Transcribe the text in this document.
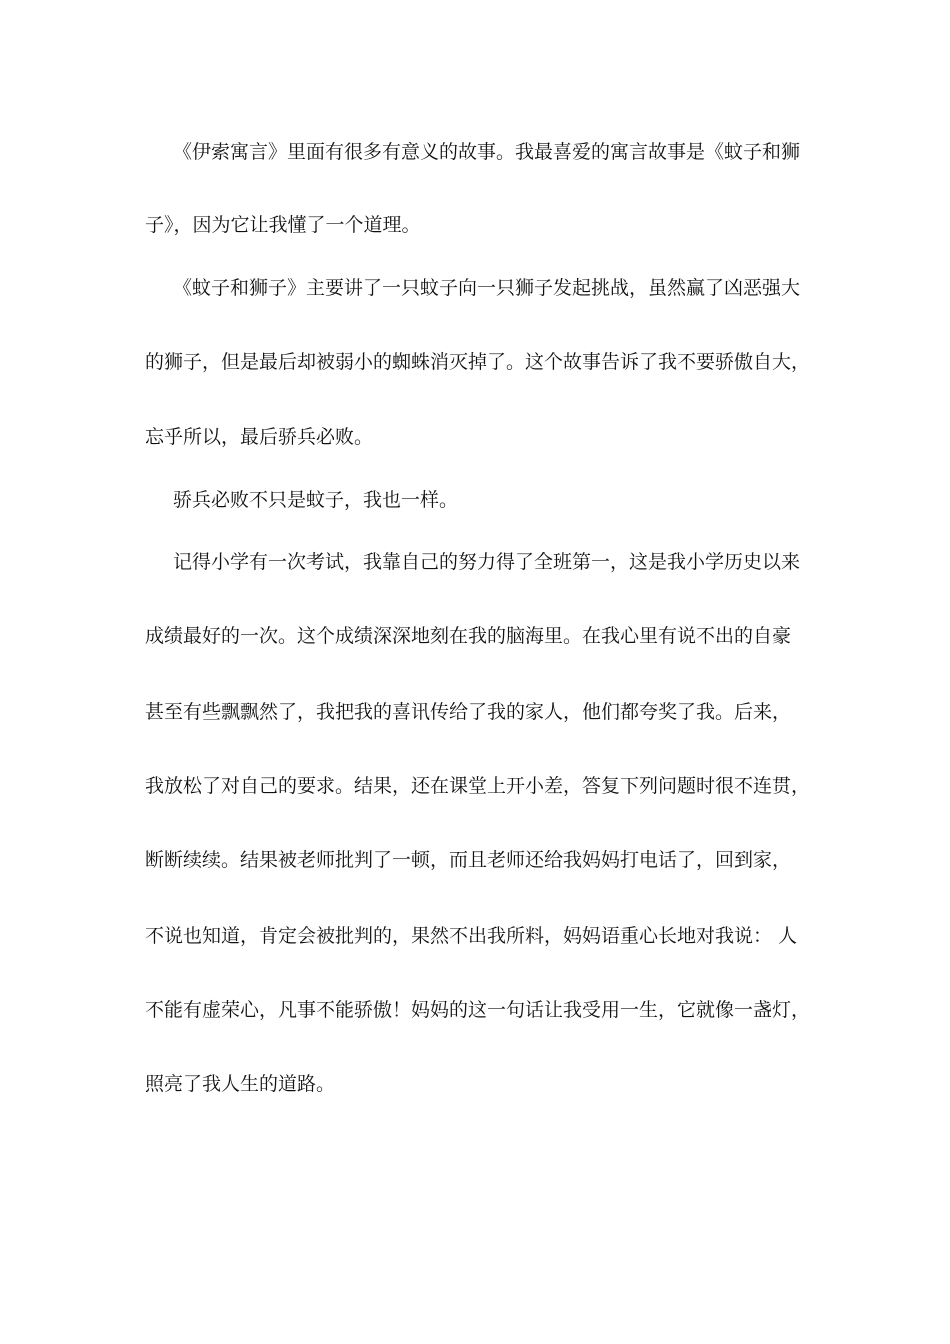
《伊索寓言》里面有很多有意义的故事。我最喜爱的寓言故事是《蚊子和狮
子》，因为它让我懂了一个道理。
《蚊子和狮子》主要讲了一只蚊子向一只狮子发起挑战，虽然赢了凶恶强大
的狮子，但是最后却被弱小的蜘蛛消灭掉了。这个故事告诉了我不要骄傲自大，
忘乎所以，最后骄兵必败。
骄兵必败不只是蚊子，我也一样。
记得小学有一次考试，我靠自己的努力得了全班第一，这是我小学历史以来
成绩最好的一次。这个成绩深深地刻在我的脑海里。在我心里有说不出的自豪
甚至有些飘飘然了，我把我的喜讯传给了我的家人，他们都夸奖了我。后来，
我放松了对自己的要求。结果，还在课堂上开小差，答复下列问题时很不连贯，
断断续续。结果被老师批判了一顿，而且老师还给我妈妈打电话了，回到家，
不说也知道，肯定会被批判的，果然不出我所料，妈妈语重心长地对我说： 人
不能有虚荣心，凡事不能骄傲！妈妈的这一句话让我受用一生，它就像一盏灯，
照亮了我人生的道路。
